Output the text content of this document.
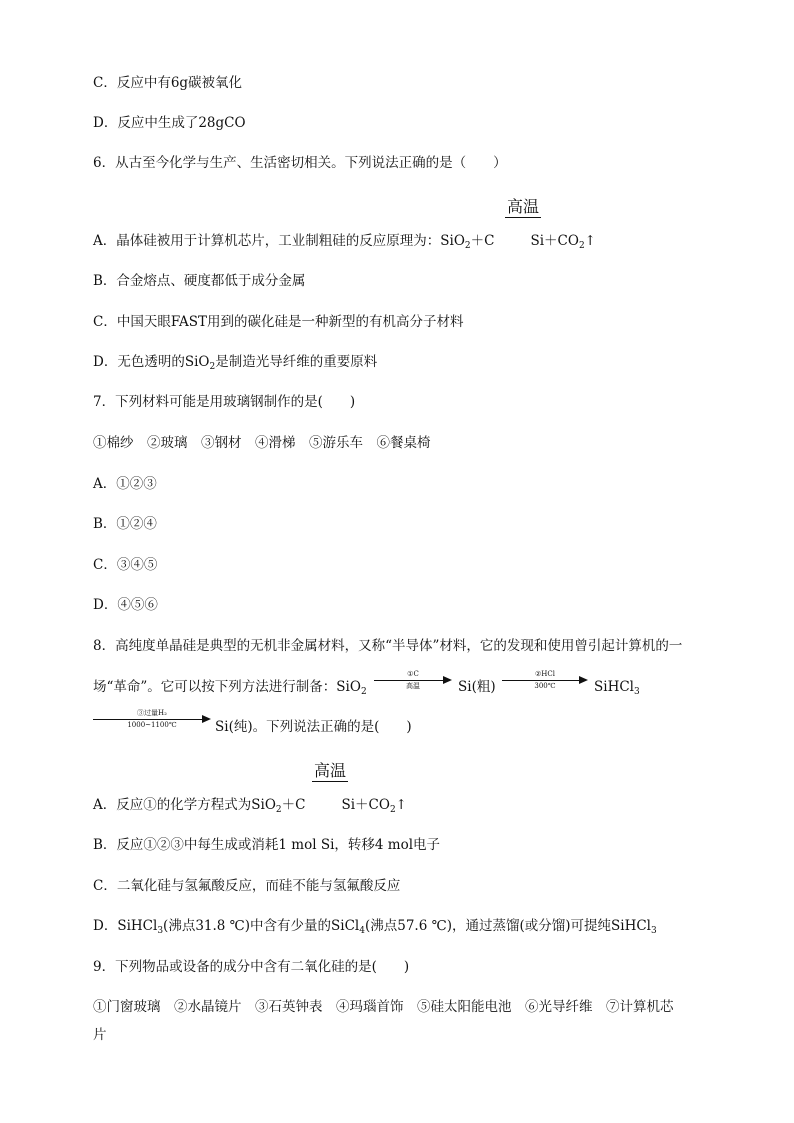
C．反应中有6g碳被氧化
D．反应中生成了28gCO
6．从古至今化学与生产、生活密切相关。下列说法正确的是（　　）
高温
A．晶体硅被用于计算机芯片，工业制粗硅的反应原理为：SiO$_2$＋C	$Si+CO_2↑$
B．合金熔点、硬度都低于成分金属
C．中国天眼FAST用到的碳化硅是一种新型的有机高分子材料
D．无色透明的SiO$_2$是制造光导纤维的重要原料
7．下列材料可能是用玻璃钢制作的是(　　)
①棉纱　②玻璃　③钢材　④滑梯　⑤游乐车　⑥餐桌椅
A．①②③
B．①②④
C．③④⑤
D．④⑤⑥
8．高纯度单晶硅是典型的无机非金属材料，又称“半导体”材料，它的发现和使用曾引起计算机的一
场“革命”。它可以按下列方法进行制备：SiO$_2$
①C
高温	Si(粗)
②HCl
300℃	SiHCl$_3$
③过量H₂
1000~1100℃	Si(纯)。下列说法正确的是(　　)
高温
A．反应①的化学方程式为SiO$_2$＋C	$Si+CO_2↑$
B．反应①②③中每生成或消耗1 mol Si，转移4 mol电子
C．二氧化硅与氢氟酸反应，而硅不能与氢氟酸反应
D．SiHCl$_3$(沸点31.8 ℃)中含有少量的SiCl$_4$(沸点57.6 ℃)，通过蒸馏(或分馏)可提纯SiHCl$_3$
9．下列物品或设备的成分中含有二氧化硅的是(　　)
①门窗玻璃　②水晶镜片　③石英钟表　④玛瑙首饰　⑤硅太阳能电池　⑥光导纤维　⑦计算机芯
片
